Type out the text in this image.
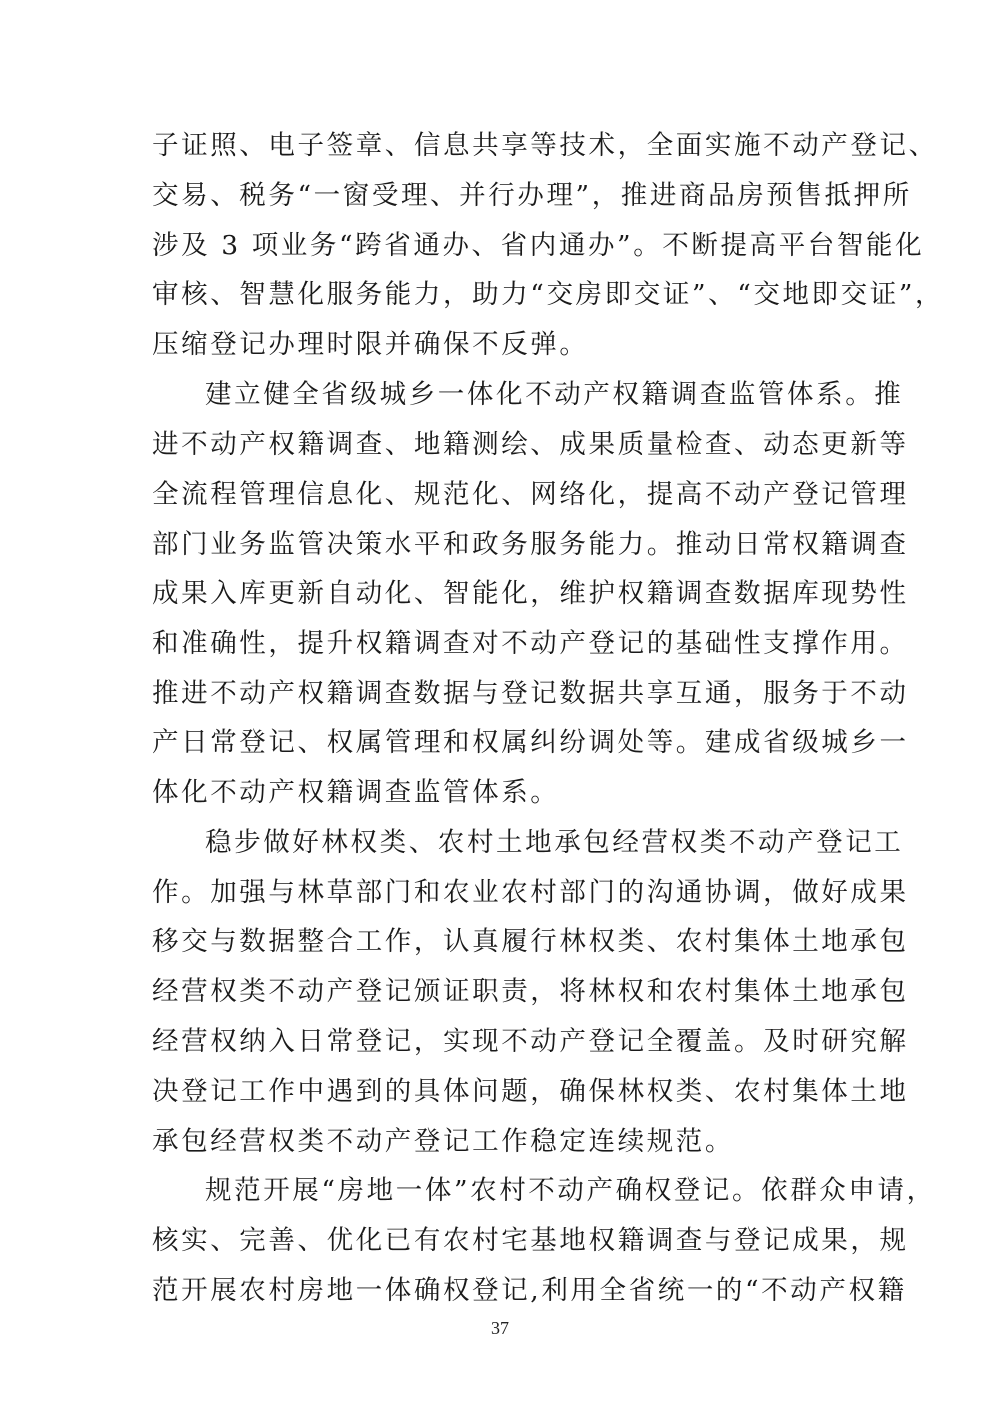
子证照、电子签章、信息共享等技术，全面实施不动产登记、
交易、税务“一窗受理、并行办理”，推进商品房预售抵押所
涉及 3 项业务“跨省通办、省内通办”。不断提高平台智能化
审核、智慧化服务能力，助力“交房即交证”、“交地即交证”，
压缩登记办理时限并确保不反弹。
建立健全省级城乡一体化不动产权籍调查监管体系。推
进不动产权籍调查、地籍测绘、成果质量检查、动态更新等
全流程管理信息化、规范化、网络化，提高不动产登记管理
部门业务监管决策水平和政务服务能力。推动日常权籍调查
成果入库更新自动化、智能化，维护权籍调查数据库现势性
和准确性，提升权籍调查对不动产登记的基础性支撑作用。
推进不动产权籍调查数据与登记数据共享互通，服务于不动
产日常登记、权属管理和权属纠纷调处等。建成省级城乡一
体化不动产权籍调查监管体系。
稳步做好林权类、农村土地承包经营权类不动产登记工
作。加强与林草部门和农业农村部门的沟通协调，做好成果
移交与数据整合工作，认真履行林权类、农村集体土地承包
经营权类不动产登记颁证职责，将林权和农村集体土地承包
经营权纳入日常登记，实现不动产登记全覆盖。及时研究解
决登记工作中遇到的具体问题，确保林权类、农村集体土地
承包经营权类不动产登记工作稳定连续规范。
规范开展“房地一体”农村不动产确权登记。依群众申请，
核实、完善、优化已有农村宅基地权籍调查与登记成果，规
范开展农村房地一体确权登记,利用全省统一的“不动产权籍
37
